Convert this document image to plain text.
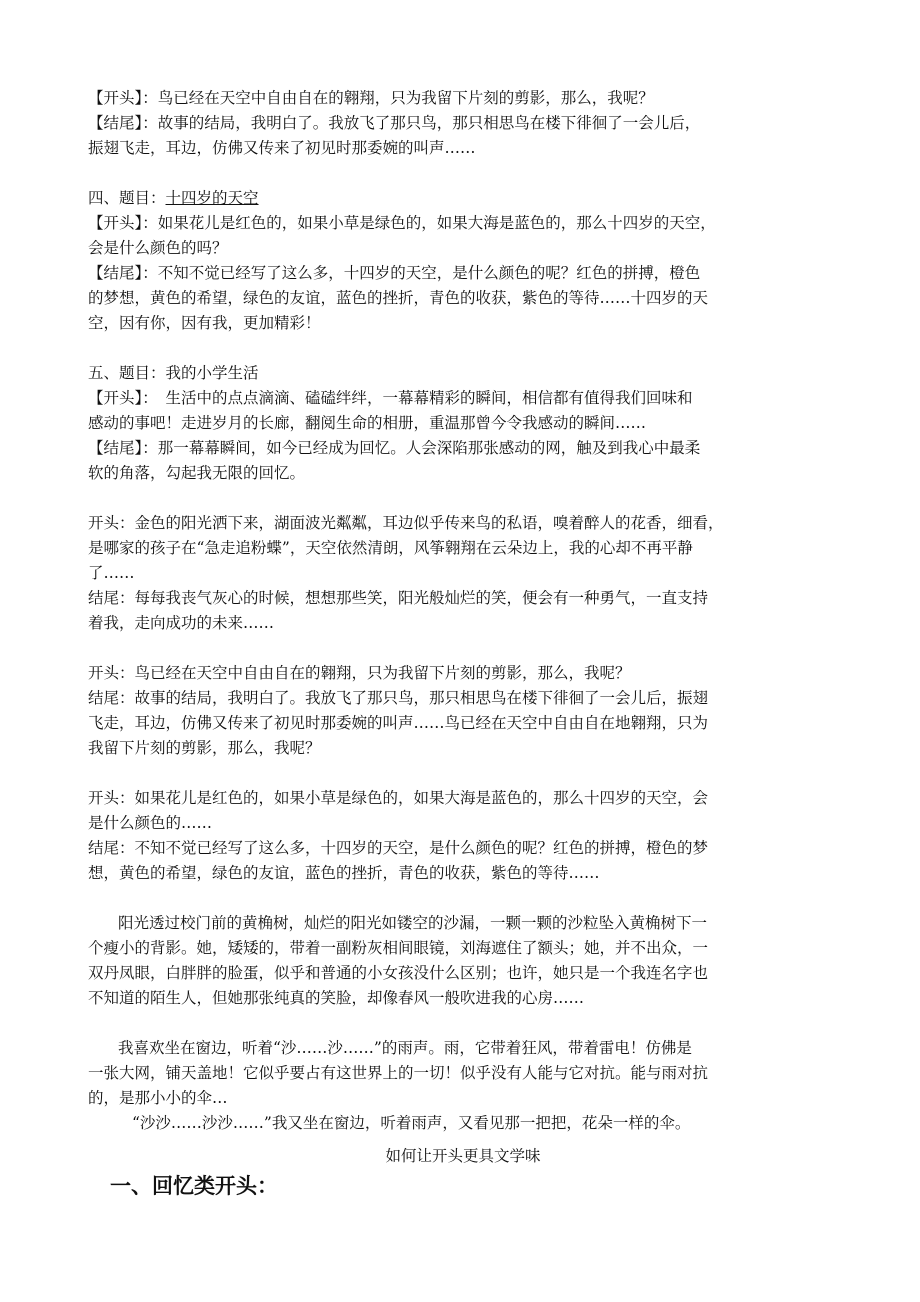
【开头】：鸟已经在天空中自由自在的翱翔，只为我留下片刻的剪影，那么，我呢？
【结尾】：故事的结局，我明白了。我放飞了那只鸟，那只相思鸟在楼下徘徊了一会儿后，
振翅飞走，耳边，仿佛又传来了初见时那委婉的叫声……
四、题目：十四岁的天空
【开头】：如果花儿是红色的，如果小草是绿色的，如果大海是蓝色的，那么十四岁的天空，
会是什么颜色的吗？
【结尾】：不知不觉已经写了这么多，十四岁的天空，是什么颜色的呢？红色的拼搏，橙色
的梦想，黄色的希望，绿色的友谊，蓝色的挫折，青色的收获，紫色的等待……十四岁的天
空，因有你，因有我，更加精彩！
五、题目：我的小学生活
【开头】：　生活中的点点滴滴、磕磕绊绊，一幕幕精彩的瞬间，相信都有值得我们回味和
感动的事吧！走进岁月的长廊，翻阅生命的相册，重温那曾今令我感动的瞬间……
【结尾】：那一幕幕瞬间，如今已经成为回忆。人会深陷那张感动的网，触及到我心中最柔
软的角落，勾起我无限的回忆。
开头：金色的阳光洒下来，湖面波光粼粼，耳边似乎传来鸟的私语，嗅着醉人的花香，细看，
是哪家的孩子在“急走追粉蝶”，天空依然清朗，风筝翱翔在云朵边上，我的心却不再平静
了……
结尾：每每我丧气灰心的时候，想想那些笑，阳光般灿烂的笑，便会有一种勇气，一直支持
着我，走向成功的未来……
开头：鸟已经在天空中自由自在的翱翔，只为我留下片刻的剪影，那么，我呢？
结尾：故事的结局，我明白了。我放飞了那只鸟，那只相思鸟在楼下徘徊了一会儿后，振翅
飞走，耳边，仿佛又传来了初见时那委婉的叫声……鸟已经在天空中自由自在地翱翔，只为
我留下片刻的剪影，那么，我呢？
开头：如果花儿是红色的，如果小草是绿色的，如果大海是蓝色的，那么十四岁的天空，会
是什么颜色的……
结尾：不知不觉已经写了这么多，十四岁的天空，是什么颜色的呢？红色的拼搏，橙色的梦
想，黄色的希望，绿色的友谊，蓝色的挫折，青色的收获，紫色的等待……
阳光透过校门前的黄桷树，灿烂的阳光如镂空的沙漏，一颗一颗的沙粒坠入黄桷树下一
个瘦小的背影。她，矮矮的，带着一副粉灰相间眼镜，刘海遮住了额头；她，并不出众，一
双丹凤眼，白胖胖的脸蛋，似乎和普通的小女孩没什么区别；也许，她只是一个我连名字也
不知道的陌生人，但她那张纯真的笑脸，却像春风一般吹进我的心房……
我喜欢坐在窗边，听着“沙……沙……”的雨声。雨，它带着狂风，带着雷电！仿佛是
一张大网，铺天盖地！它似乎要占有这世界上的一切！似乎没有人能与它对抗。能与雨对抗
的，是那小小的伞…
“沙沙……沙沙……”我又坐在窗边，听着雨声，又看见那一把把，花朵一样的伞。
如何让开头更具文学味
一、回忆类开头：
